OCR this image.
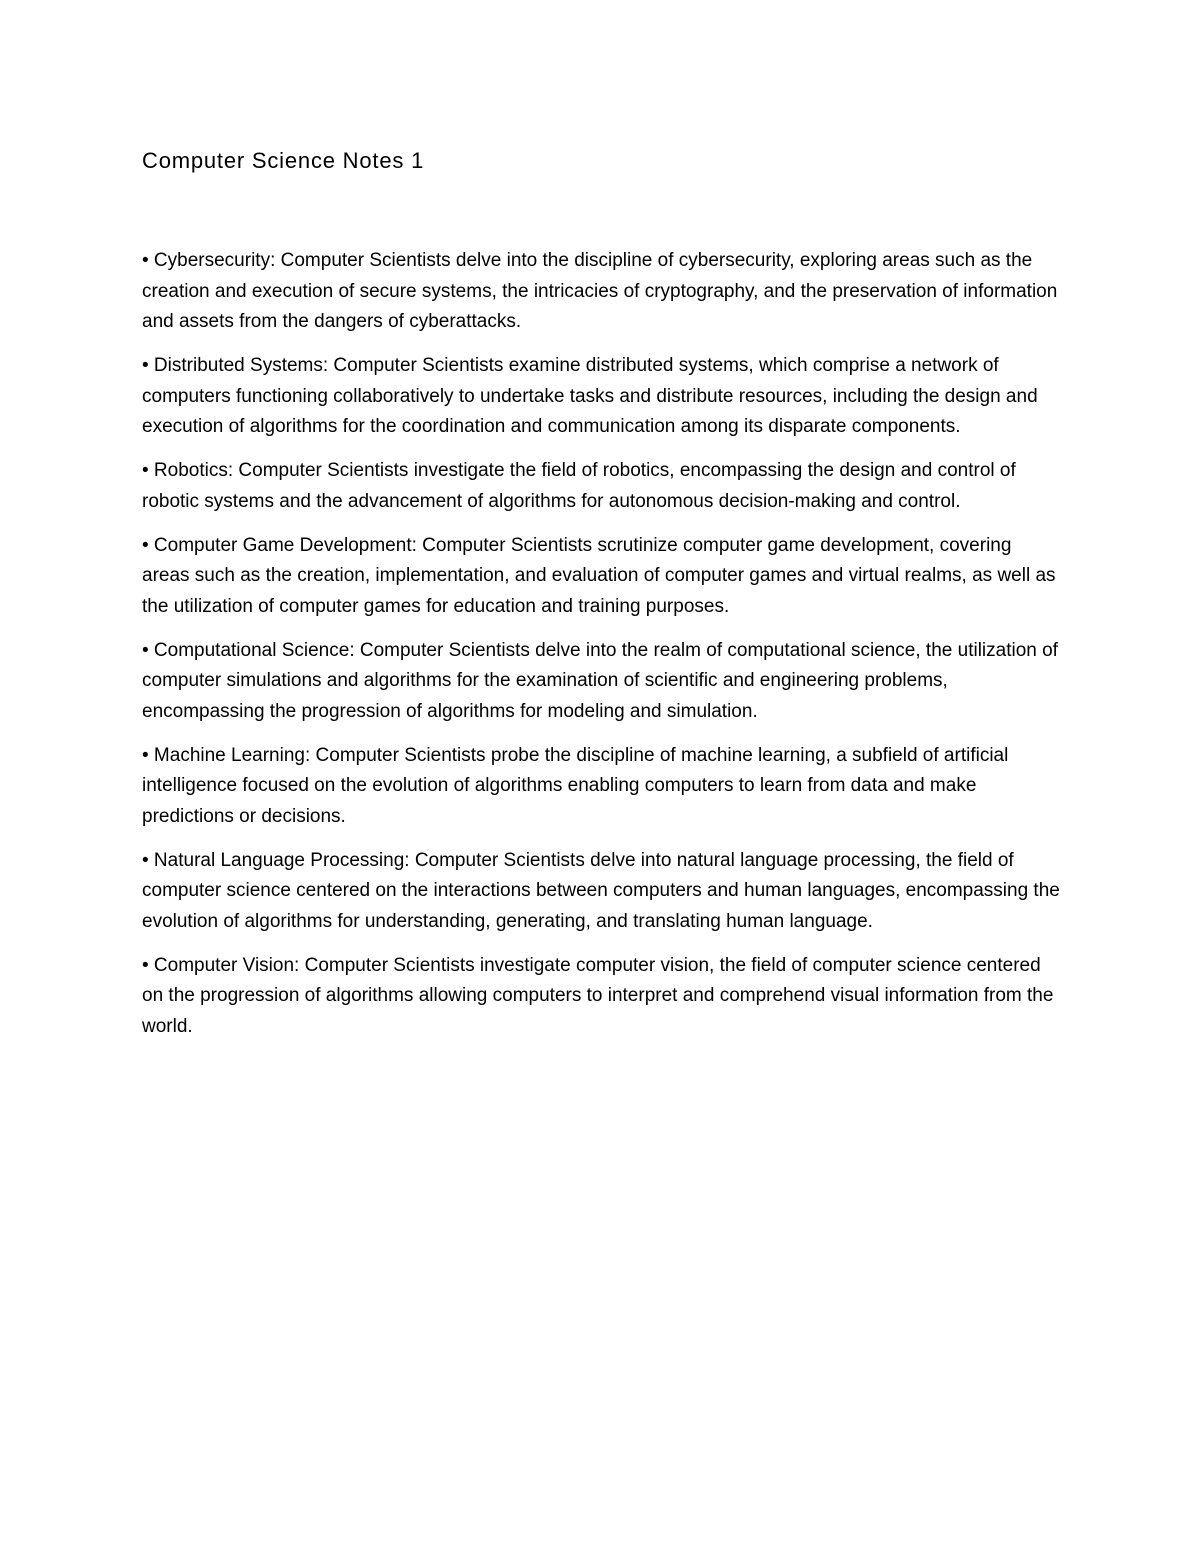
Computer Science Notes 1

• Cybersecurity: Computer Scientists delve into the discipline of cybersecurity, exploring areas such as the creation and execution of secure systems, the intricacies of cryptography, and the preservation of information and assets from the dangers of cyberattacks.

• Distributed Systems: Computer Scientists examine distributed systems, which comprise a network of computers functioning collaboratively to undertake tasks and distribute resources, including the design and execution of algorithms for the coordination and communication among its disparate components.

• Robotics: Computer Scientists investigate the field of robotics, encompassing the design and control of robotic systems and the advancement of algorithms for autonomous decision-making and control.

• Computer Game Development: Computer Scientists scrutinize computer game development, covering areas such as the creation, implementation, and evaluation of computer games and virtual realms, as well as the utilization of computer games for education and training purposes.

• Computational Science: Computer Scientists delve into the realm of computational science, the utilization of computer simulations and algorithms for the examination of scientific and engineering problems, encompassing the progression of algorithms for modeling and simulation.

• Machine Learning: Computer Scientists probe the discipline of machine learning, a subfield of artificial intelligence focused on the evolution of algorithms enabling computers to learn from data and make predictions or decisions.

• Natural Language Processing: Computer Scientists delve into natural language processing, the field of computer science centered on the interactions between computers and human languages, encompassing the evolution of algorithms for understanding, generating, and translating human language.

• Computer Vision: Computer Scientists investigate computer vision, the field of computer science centered on the progression of algorithms allowing computers to interpret and comprehend visual information from the world.
